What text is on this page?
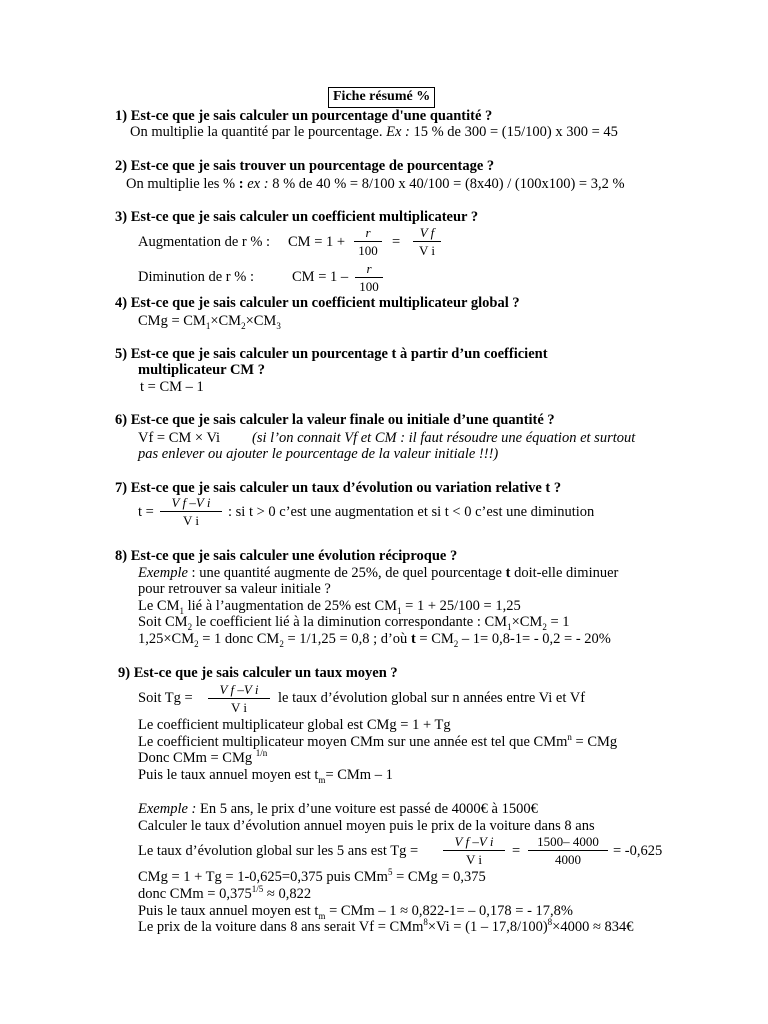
Fiche résumé %
1) Est-ce que je sais calculer un pourcentage d'une quantité ?
On multiplie la quantité par le pourcentage. Ex : 15 % de 300 = (15/100) x 300 = 45
2) Est-ce que je sais trouver un pourcentage de pourcentage ?
On multiplie les % : ex : 8 % de 40 % = 8/100 x 40/100 = (8x40) / (100x100) = 3,2 %
3) Est-ce que je sais calculer un coefficient multiplicateur ?
Augmentation de r % : CM = 1 +
r
100
=
V f
V i
Diminution de r % :	CM = 1 –
r
100
4) Est-ce que je sais calculer un coefficient multiplicateur global ?
CMg = $CM_1\times CM_2\times CM_3$
5) Est-ce que je sais calculer un pourcentage t à partir d’un coefficient
multiplicateur CM ?
t = CM – 1
6) Est-ce que je sais calculer la valeur finale ou initiale d’une quantité ?
Vf = CM × Vi (si l’on connait Vf et CM : il faut résoudre une équation et surtout
pas enlever ou ajouter le pourcentage de la valeur initiale !!!)
7) Est-ce que je sais calculer un taux d’évolution ou variation relative t ?
t =
V f –V i
V i
: si t > 0 c’est une augmentation et si t < 0 c’est une diminution
8) Est-ce que je sais calculer une évolution réciproque ?
Exemple : une quantité augmente de 25%, de quel pourcentage t doit-elle diminuer
pour retrouver sa valeur initiale ?
Le $CM_1$ lié à l’augmentation de 25% est $CM_1 = 1 + 25/100 = 1,25$
Soit $CM_2$ le coefficient lié à la diminution correspondante : $CM_1\times CM_2 = 1$
$1,25\times CM_2 = 1$ donc $CM_2 = 1/1,25 = 0,8$ ; d’où $t = CM_2 - 1= 0,8-1= - 0,2$ = - 20%
9) Est-ce que je sais calculer un taux moyen ?
Soit Tg =
V f –V i
V i
le taux d’évolution global sur n années entre Vi et Vf
Le coefficient multiplicateur global est CMg = 1 + Tg
Le coefficient multiplicateur moyen CMm sur une année est tel que CMm$^n$ = CMg
Donc CMm = CMg $^{1/n}$
Puis le taux annuel moyen est $t_m=$ CMm – 1
Exemple : En 5 ans, le prix d’une voiture est passé de 4000€ à 1500€
Calculer le taux d’évolution annuel moyen puis le prix de la voiture dans 8 ans
Le taux d’évolution global sur les 5 ans est Tg =
V f –V i
V i
=
1500– 4000
4000
= -0,625
CMg = 1 + Tg = 1-0,625=0,375 puis CMm$^5$ = CMg = 0,375
donc CMm = $0,375^{1/5} \approx 0,822$
Puis le taux annuel moyen est $t_m$ = CMm – 1 ≈ 0,822-1= – 0,178 = - 17,8%
Le prix de la voiture dans 8 ans serait Vf = CMm$^8$×Vi = (1 – 17,8/100)$^8$×4000 ≈ 834€
